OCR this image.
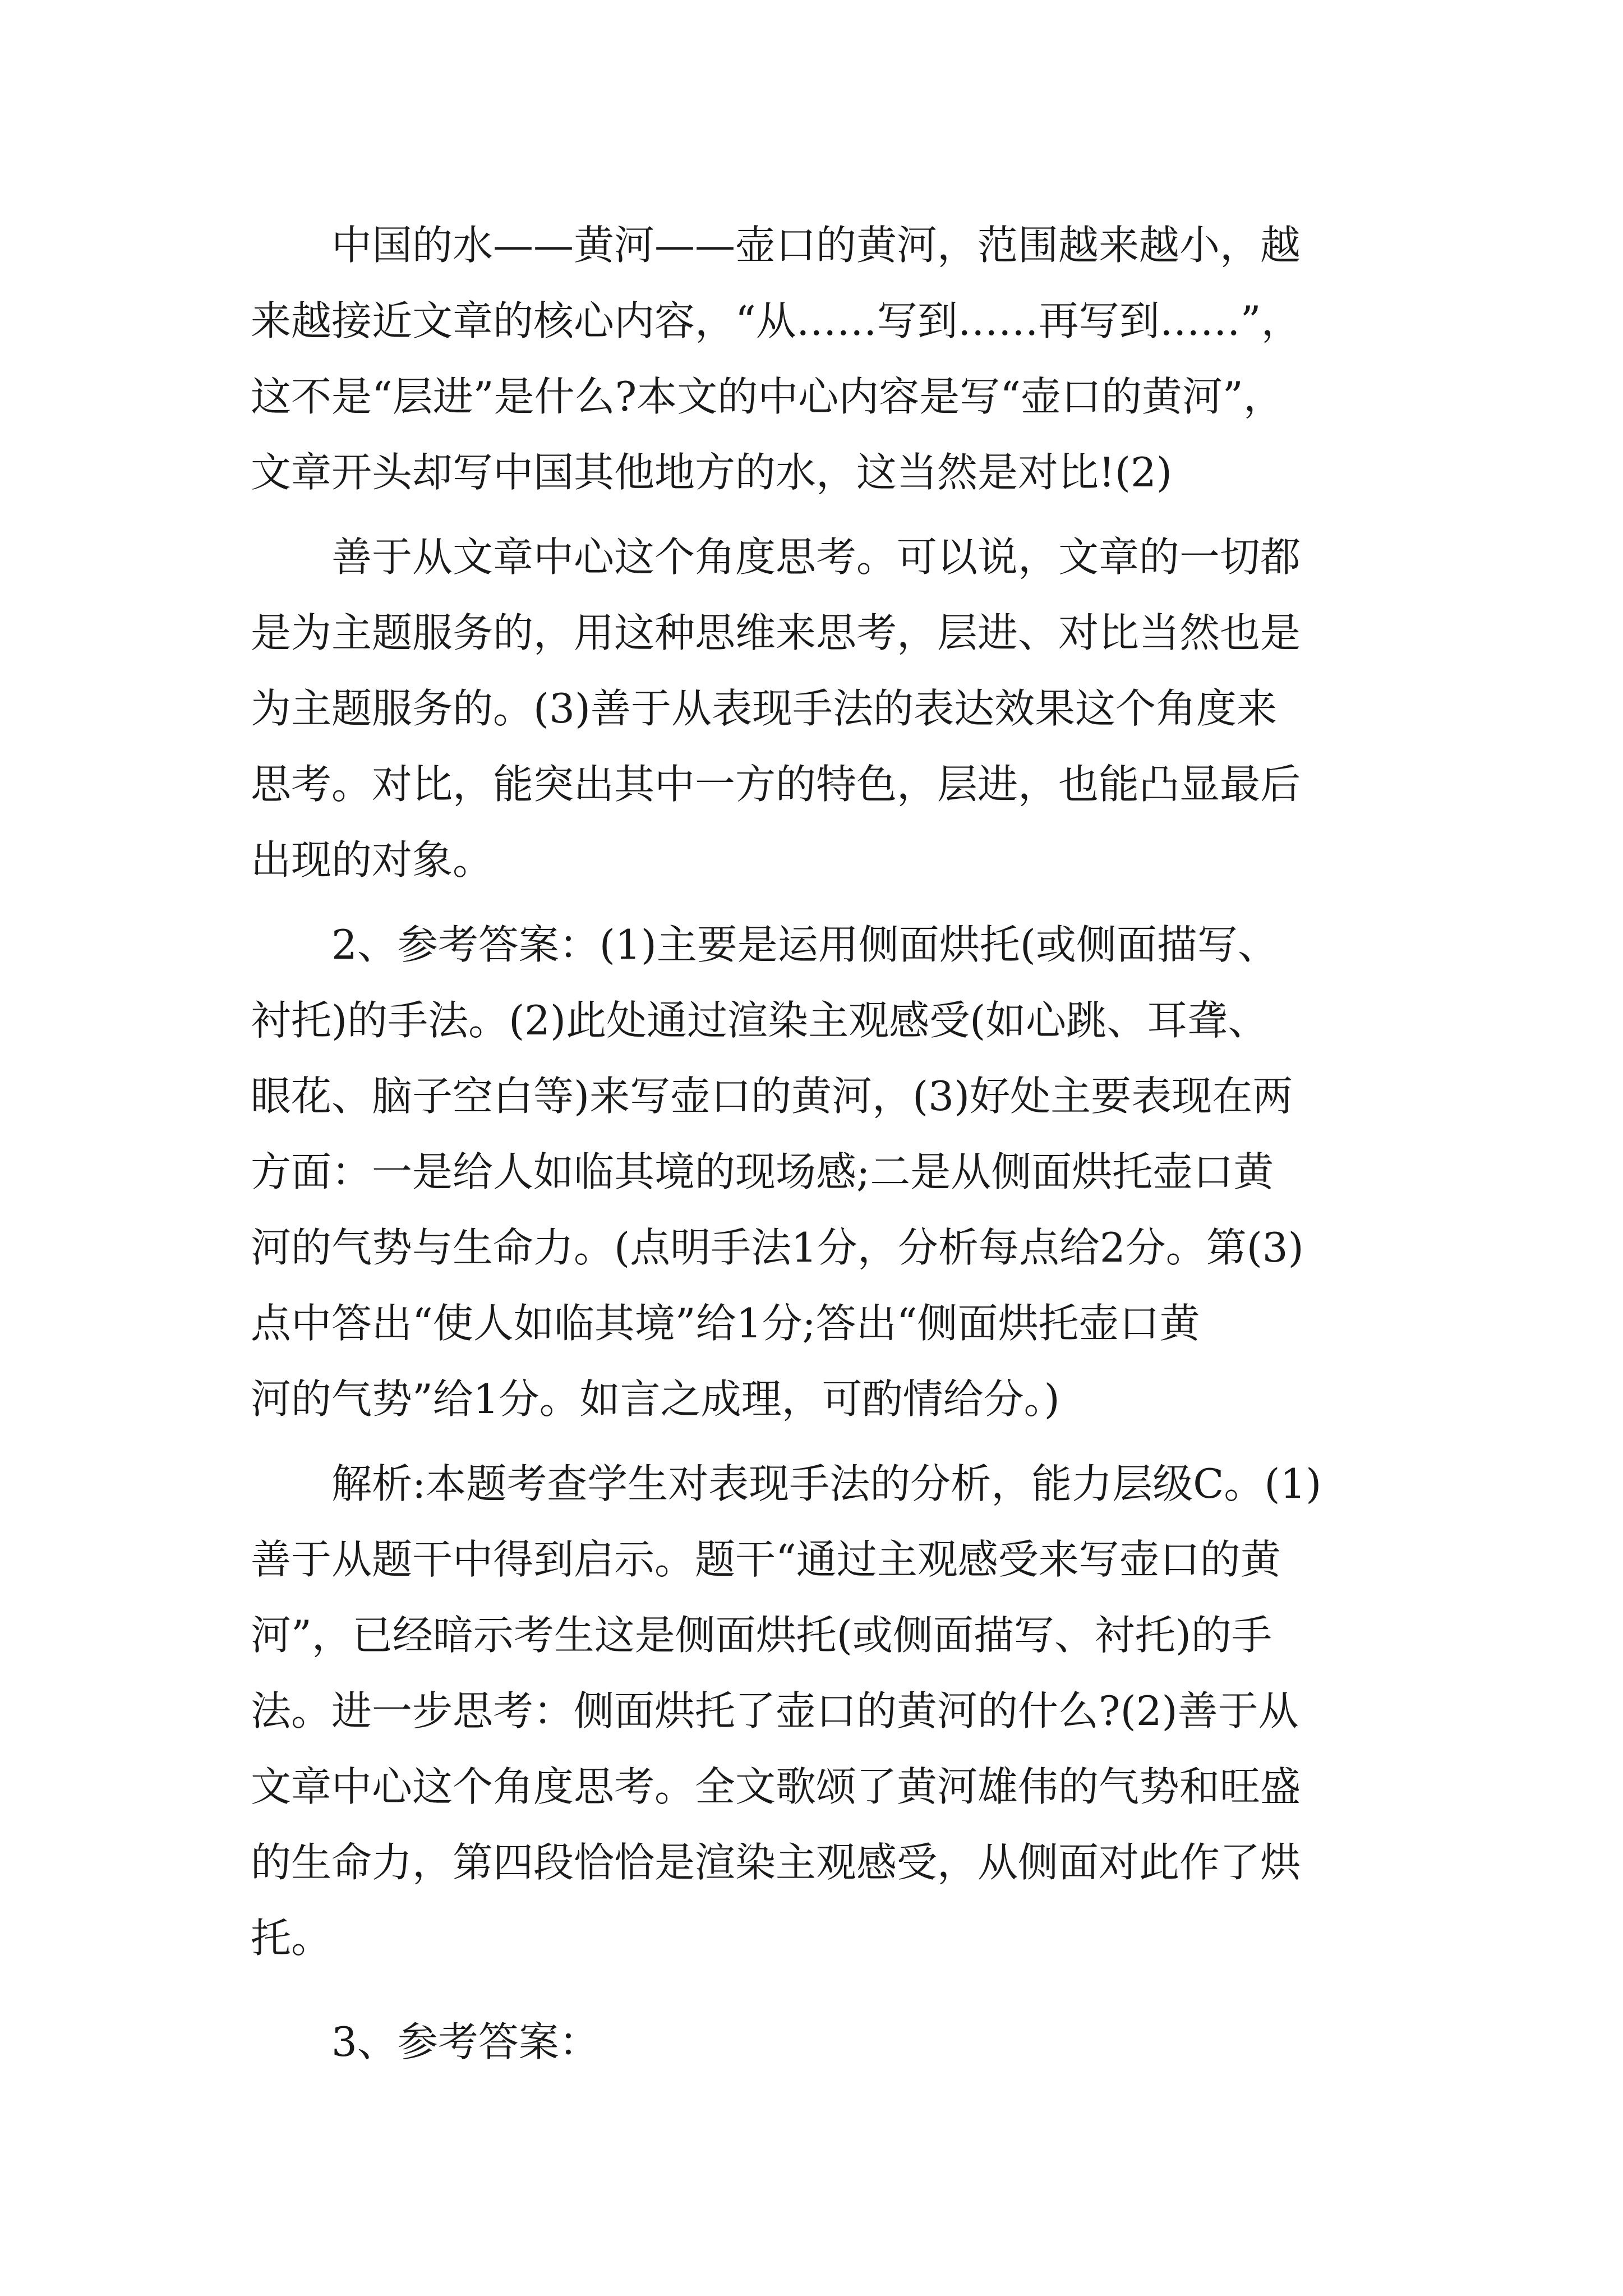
中国的水——黄河——壶口的黄河，范围越来越小，越
来越接近文章的核心内容，“从……写到……再写到……”，
这不是“层进”是什么?本文的中心内容是写“壶口的黄河”，
文章开头却写中国其他地方的水，这当然是对比!(2)
善于从文章中心这个角度思考。可以说，文章的一切都
是为主题服务的，用这种思维来思考，层进、对比当然也是
为主题服务的。(3)善于从表现手法的表达效果这个角度来
思考。对比，能突出其中一方的特色，层进，也能凸显最后
出现的对象。
2、参考答案：(1)主要是运用侧面烘托(或侧面描写、
衬托)的手法。(2)此处通过渲染主观感受(如心跳、耳聋、
眼花、脑子空白等)来写壶口的黄河，(3)好处主要表现在两
方面：一是给人如临其境的现场感;二是从侧面烘托壶口黄
河的气势与生命力。(点明手法1分，分析每点给2分。第(3)
点中答出“使人如临其境”给1分;答出“侧面烘托壶口黄
河的气势”给1分。如言之成理，可酌情给分。)
解析:本题考查学生对表现手法的分析，能力层级C。(1)
善于从题干中得到启示。题干“通过主观感受来写壶口的黄
河”，已经暗示考生这是侧面烘托(或侧面描写、衬托)的手
法。进一步思考：侧面烘托了壶口的黄河的什么?(2)善于从
文章中心这个角度思考。全文歌颂了黄河雄伟的气势和旺盛
的生命力，第四段恰恰是渲染主观感受，从侧面对此作了烘
托。
3、参考答案：
